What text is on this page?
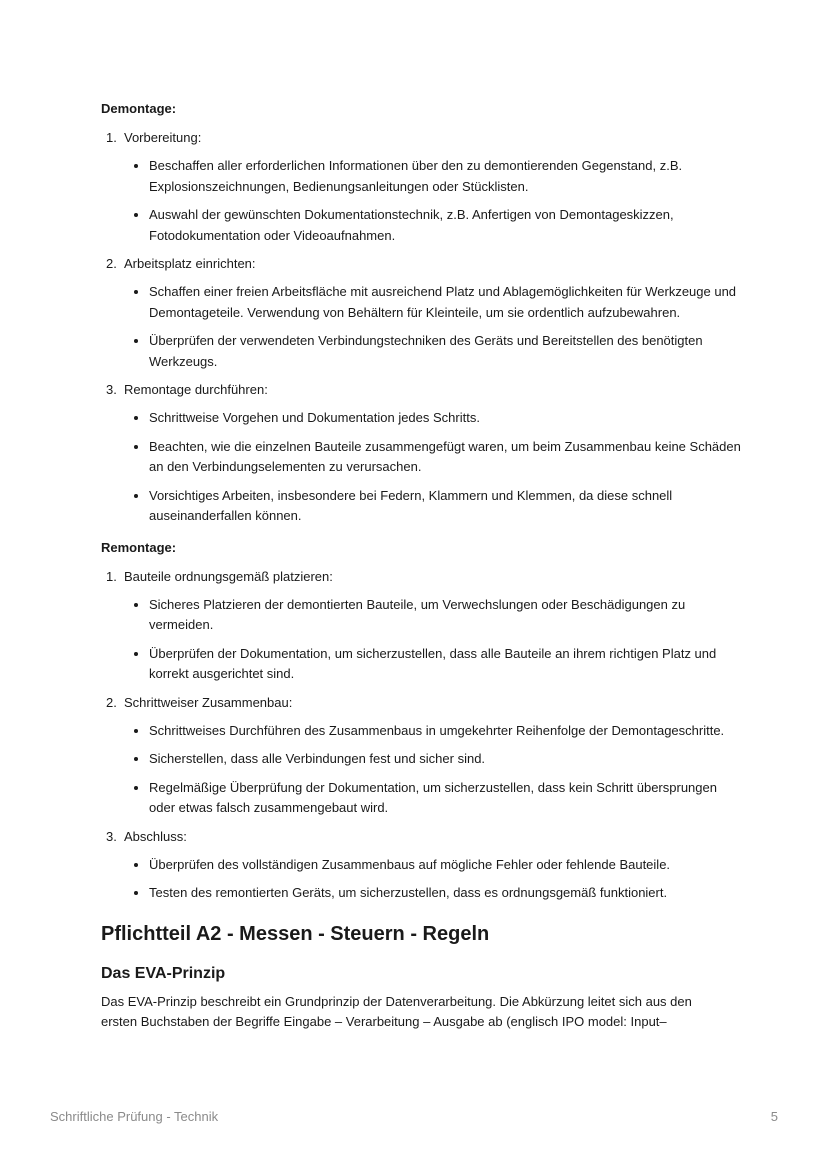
Demontage:
1. Vorbereitung:
Beschaffen aller erforderlichen Informationen über den zu demontierenden Gegenstand, z.B. Explosionszeichnungen, Bedienungsanleitungen oder Stücklisten.
Auswahl der gewünschten Dokumentationstechnik, z.B. Anfertigen von Demontageskizzen, Fotodokumentation oder Videoaufnahmen.
2. Arbeitsplatz einrichten:
Schaffen einer freien Arbeitsfläche mit ausreichend Platz und Ablagemöglichkeiten für Werkzeuge und Demontageteile. Verwendung von Behältern für Kleinteile, um sie ordentlich aufzubewahren.
Überprüfen der verwendeten Verbindungstechniken des Geräts und Bereitstellen des benötigten Werkzeugs.
3. Remontage durchführen:
Schrittweise Vorgehen und Dokumentation jedes Schritts.
Beachten, wie die einzelnen Bauteile zusammengefügt waren, um beim Zusammenbau keine Schäden an den Verbindungselementen zu verursachen.
Vorsichtiges Arbeiten, insbesondere bei Federn, Klammern und Klemmen, da diese schnell auseinanderfallen können.
Remontage:
1. Bauteile ordnungsgemäß platzieren:
Sicheres Platzieren der demontierten Bauteile, um Verwechslungen oder Beschädigungen zu vermeiden.
Überprüfen der Dokumentation, um sicherzustellen, dass alle Bauteile an ihrem richtigen Platz und korrekt ausgerichtet sind.
2. Schrittweiser Zusammenbau:
Schrittweises Durchführen des Zusammenbaus in umgekehrter Reihenfolge der Demontageschritte.
Sicherstellen, dass alle Verbindungen fest und sicher sind.
Regelmäßige Überprüfung der Dokumentation, um sicherzustellen, dass kein Schritt übersprungen oder etwas falsch zusammengebaut wird.
3. Abschluss:
Überprüfen des vollständigen Zusammenbaus auf mögliche Fehler oder fehlende Bauteile.
Testen des remontierten Geräts, um sicherzustellen, dass es ordnungsgemäß funktioniert.
Pflichtteil A2 - Messen - Steuern - Regeln
Das EVA-Prinzip

Das EVA-Prinzip beschreibt ein Grundprinzip der Datenverarbeitung. Die Abkürzung leitet sich aus den ersten Buchstaben der Begriffe Eingabe – Verarbeitung – Ausgabe ab (englisch IPO model: Input–

Schriftliche Prüfung - Technik	5
